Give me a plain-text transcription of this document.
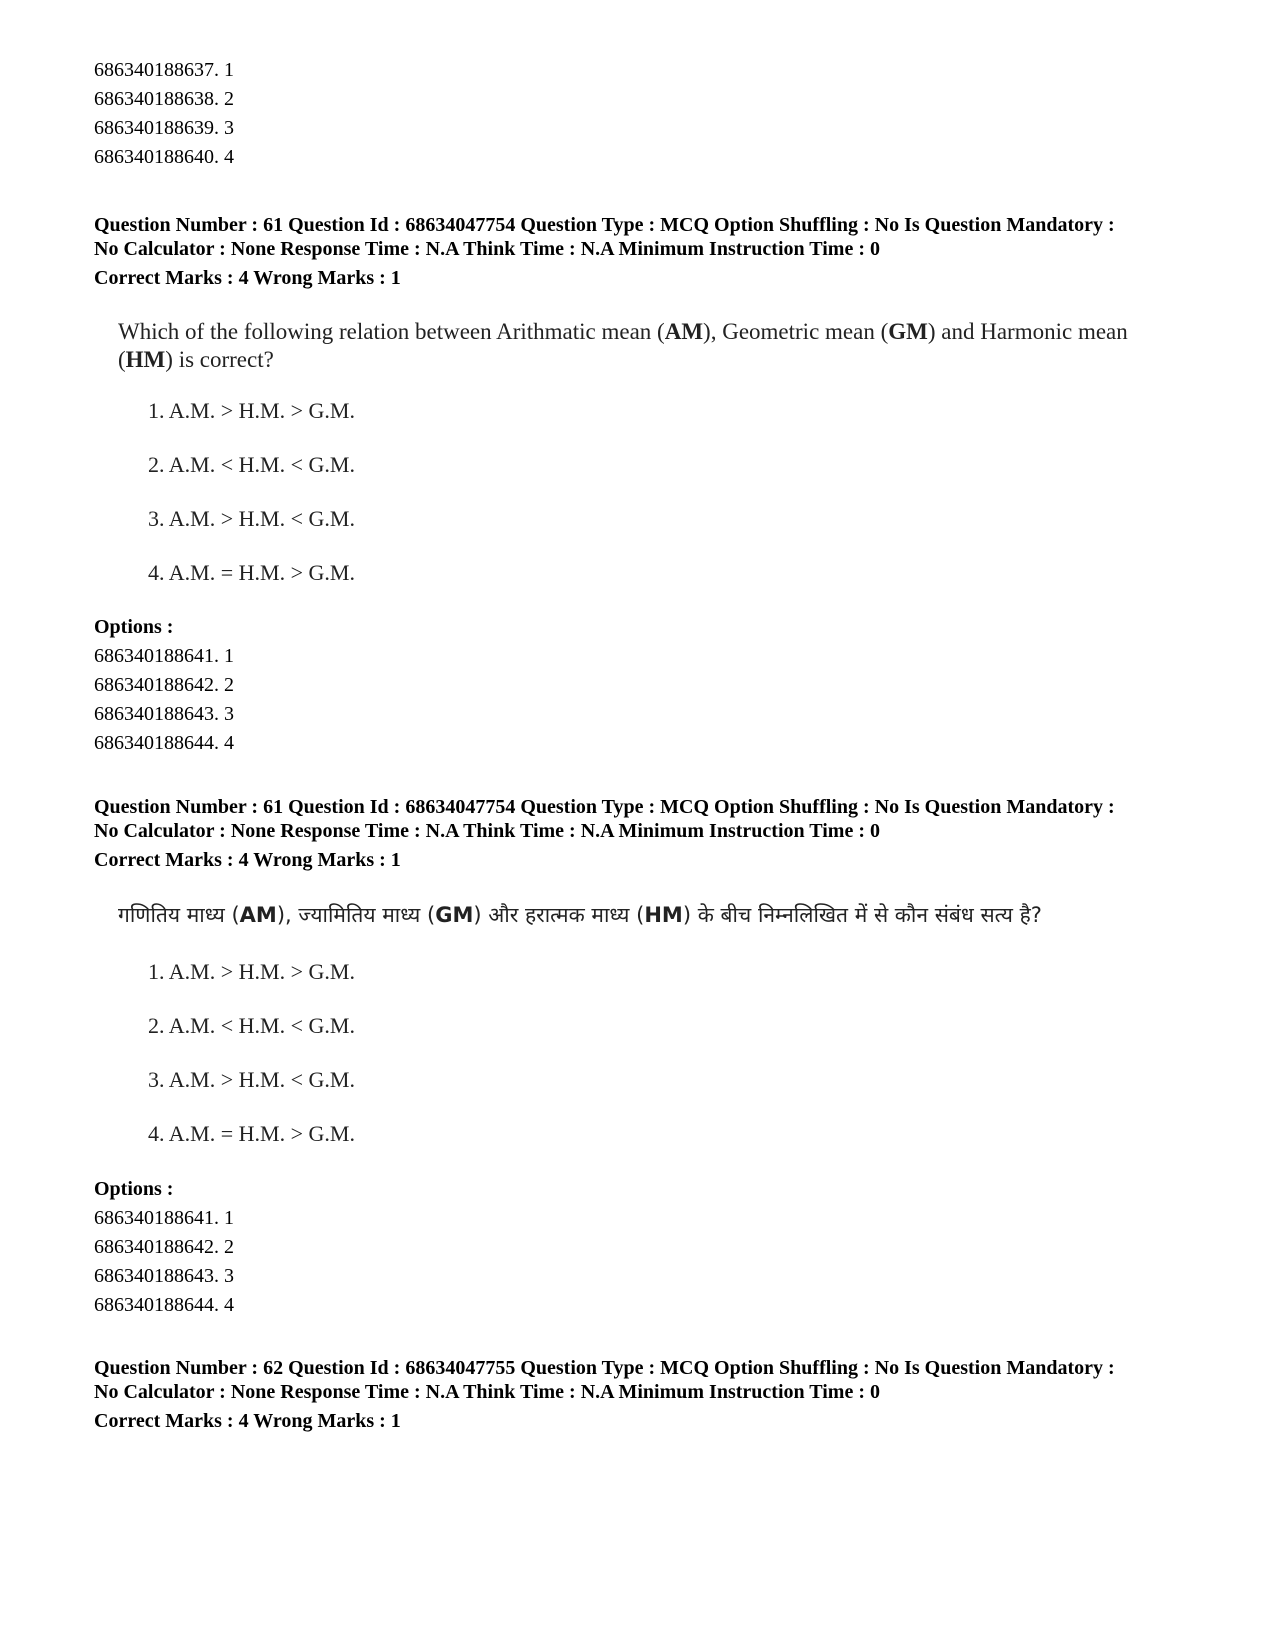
686340188637. 1
686340188638. 2
686340188639. 3
686340188640. 4
Question Number : 61 Question Id : 68634047754 Question Type : MCQ Option Shuffling : No Is Question Mandatory :
No Calculator : None Response Time : N.A Think Time : N.A Minimum Instruction Time : 0
Correct Marks : 4 Wrong Marks : 1
Which of the following relation between Arithmatic mean (AM), Geometric mean (GM) and Harmonic mean
(HM) is correct?
1. A.M. > H.M. > G.M.
2. A.M. < H.M. < G.M.
3. A.M. > H.M. < G.M.
4. A.M. = H.M. > G.M.
Options :
686340188641. 1
686340188642. 2
686340188643. 3
686340188644. 4
Question Number : 61 Question Id : 68634047754 Question Type : MCQ Option Shuffling : No Is Question Mandatory :
No Calculator : None Response Time : N.A Think Time : N.A Minimum Instruction Time : 0
Correct Marks : 4 Wrong Marks : 1
गणितिय माध्य (AM), ज्यामितिय माध्य (GM) और हरात्मक माध्य (HM) के बीच निम्नलिखित में से कौन संबंध सत्य है?
1. A.M. > H.M. > G.M.
2. A.M. < H.M. < G.M.
3. A.M. > H.M. < G.M.
4. A.M. = H.M. > G.M.
Options :
686340188641. 1
686340188642. 2
686340188643. 3
686340188644. 4
Question Number : 62 Question Id : 68634047755 Question Type : MCQ Option Shuffling : No Is Question Mandatory :
No Calculator : None Response Time : N.A Think Time : N.A Minimum Instruction Time : 0
Correct Marks : 4 Wrong Marks : 1
